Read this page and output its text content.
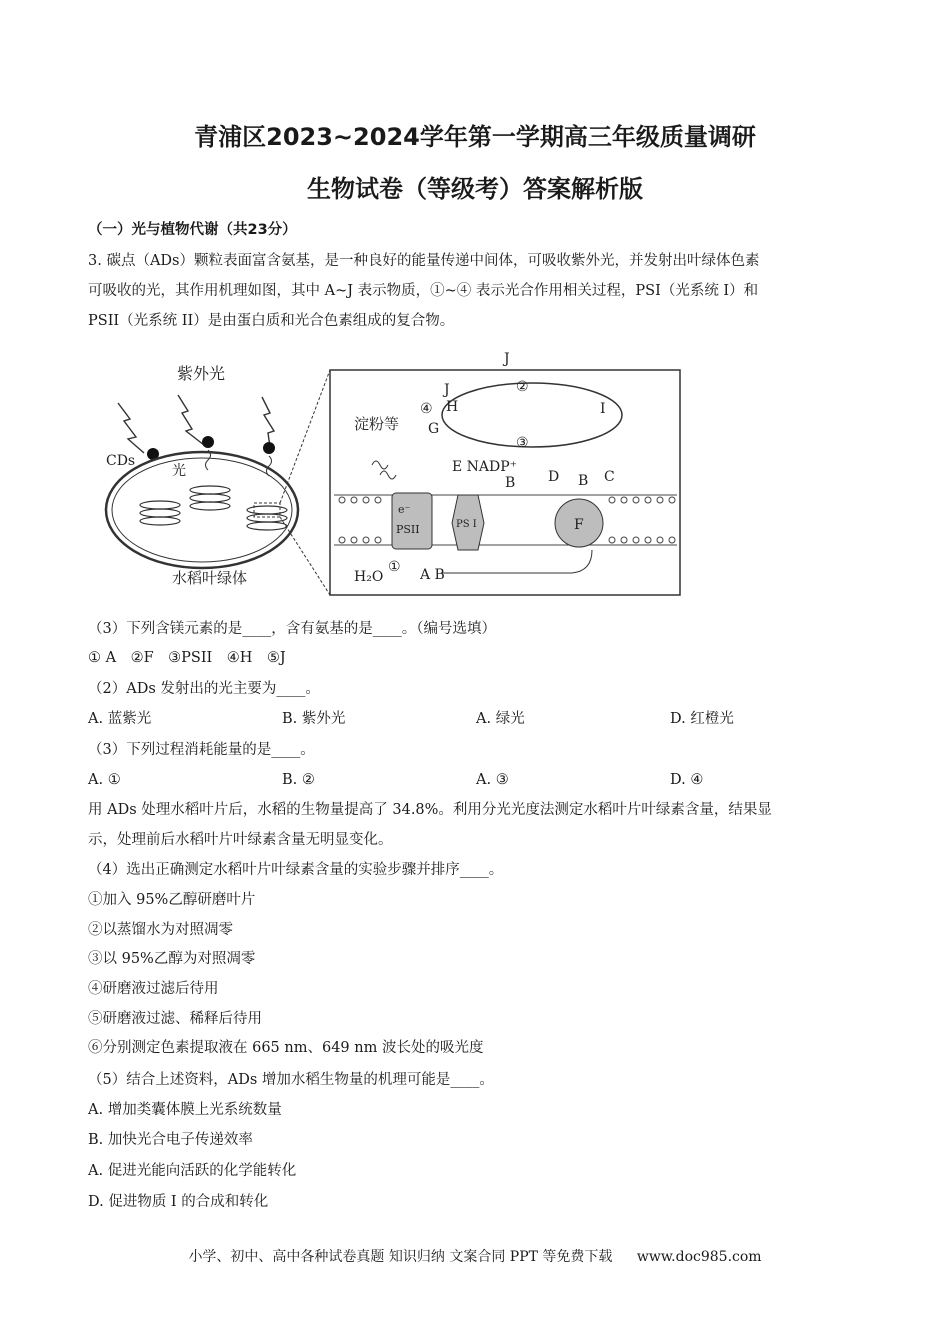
青浦区2023~2024学年第一学期高三年级质量调研
生物试卷（等级考）答案解析版
（一）光与植物代谢（共23分）
3. 碳点（ADs）颗粒表面富含氨基，是一种良好的能量传递中间体，可吸收紫外光，并发射出叶绿体色素
可吸收的光，其作用机理如图，其中 A~J 表示物质，①~④ 表示光合作用相关过程，PSI（光系统 I）和
PSII（光系统 II）是由蛋白质和光合色素组成的复合物。
紫外光
CDs
光
水稻叶绿体
J
J
H
G
④	I
②
③
淀粉等
E NADP⁺
B D B C
e⁻
PSII	PS I	F
H₂O
① A B
（3）下列含镁元素的是____，含有氨基的是____。（编号选填）
① A　②F　③PSII　④H　⑤J
（2）ADs 发射出的光主要为____。
A. 蓝紫光	B. 紫外光	A. 绿光	D. 红橙光
（3）下列过程消耗能量的是____。
A. ①	B. ②	A. ③	D. ④
用 ADs 处理水稻叶片后，水稻的生物量提高了 34.8%。利用分光光度法测定水稻叶片叶绿素含量，结果显
示，处理前后水稻叶片叶绿素含量无明显变化。
（4）选出正确测定水稻叶片叶绿素含量的实验步骤并排序____。
①加入 95%乙醇研磨叶片
②以蒸馏水为对照凋零
③以 95%乙醇为对照凋零
④研磨液过滤后待用
⑤研磨液过滤、稀释后待用
⑥分别测定色素提取液在 665 nm、649 nm 波长处的吸光度
（5）结合上述资料，ADs 增加水稻生物量的机理可能是____。
A. 增加类囊体膜上光系统数量
B. 加快光合电子传递效率
A. 促进光能向活跃的化学能转化
D. 促进物质 I 的合成和转化
小学、初中、高中各种试卷真题 知识归纳 文案合同 PPT 等免费下载 www.doc985.com
